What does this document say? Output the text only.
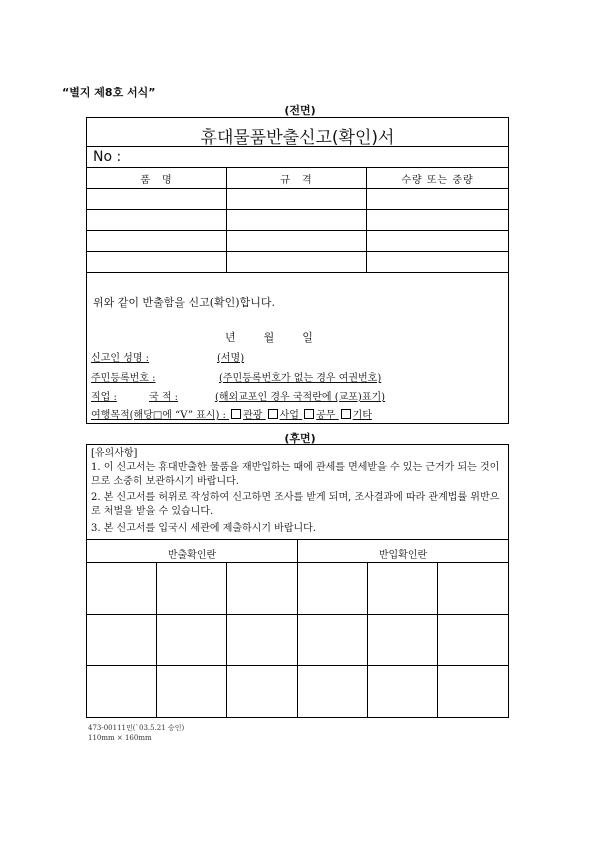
“별지 제8호 서식”
(전면)
휴대물품반출신고(확인)서
No :
품　명	규　격	수량 또는 중량
위와 같이 반출함을 신고(확인)합니다.
년　　월　　일
신고인 성명 :	(서명)
주민등록번호 :	(주민등록번호가 없는 경우 여권번호)
직업 :	국 적 :	(해외교포인 경우 국적란에 (교포)표기)
여행목적(해당□에 “V” 표시) : 관광 사업 공무 기타
(후면)
[유의사항]
1. 이 신고서는 휴대반출한 물품을 재반입하는 때에 관세를 면세받을 수 있는 근거가 되는 것이므로 소중히 보관하시기 바랍니다.
2. 본 신고서를 허위로 작성하여 신고하면 조사를 받게 되며, 조사결과에 따라 관계법률 위반으로 처벌을 받을 수 있습니다.
3. 본 신고서를 입국시 세관에 제출하시기 바랍니다.
반출확인란	반입확인란
473-00111민(`03.5.21 승인)
110mm × 160mm
